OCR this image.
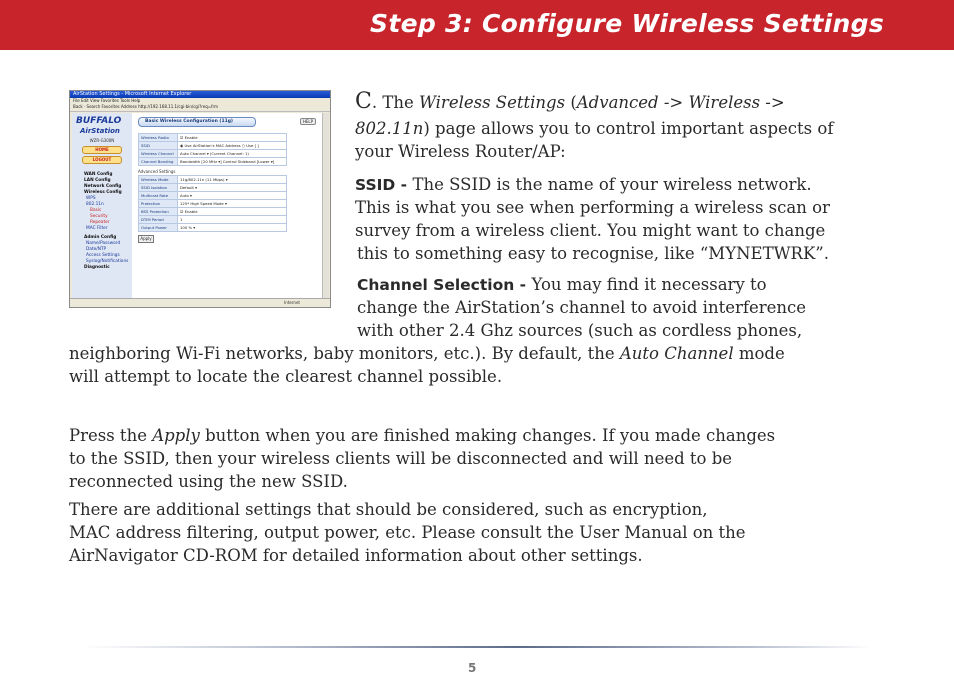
Step 3: Configure Wireless Settings
AirStation Settings - Microsoft Internet Explorer
File Edit View Favorites Tools Help
Back · Search Favorites Address http://192.168.11.1/cgi-bin/cgi?req=frm
BUFFALO
AirStation
WZR-G300N
HOME
LOGOUT
WAN Config
LAN Config
Network Config
Wireless Config
WPS
802.11n
Basic
Security
Repeater
MAC Filter
Admin Config
Name/Password
Date/NTP
Access Settings
Syslog/Notifications
Diagnostic
Basic Wireless Configuration (11g)	HELP
Wireless Radio	☑ Enable
SSID	◉ Use AirStation's MAC Address ○ Use [ ]
Wireless Channel	Auto Channel ▾ (Current Channel: 1)
Channel Bonding	Bandwidth [20 MHz ▾] Control Sideband [Lower ▾]
Advanced Settings
Wireless Mode	11g/802.11n (11 Mbps) ▾
SSID Isolation	Default ▾
Multicast Rate	Auto ▾
Protection	125* High Speed Mode ▾
BSS Protection	☑ Enable
DTIM Period	1
Output Power	100 % ▾
Apply
Internet

C. The Wireless Settings (Advanced -> Wireless ->

802.11n) page allows you to control important aspects of

your Wireless Router/AP:

SSID - The SSID is the name of your wireless network.

This is what you see when performing a wireless scan or

survey from a wireless client. You might want to change

this to something easy to recognise, like “MYNETWRK”.

Channel Selection - You may find it necessary to

change the AirStation’s channel to avoid interference

with other 2.4 Ghz sources (such as cordless phones,

neighboring Wi-Fi networks, baby monitors, etc.). By default, the Auto Channel mode

will attempt to locate the clearest channel possible.

Press the Apply button when you are finished making changes. If you made changes

to the SSID, then your wireless clients will be disconnected and will need to be

reconnected using the new SSID.

There are additional settings that should be considered, such as encryption,

MAC address filtering, output power, etc. Please consult the User Manual on the

AirNavigator CD-ROM for detailed information about other settings.

5
